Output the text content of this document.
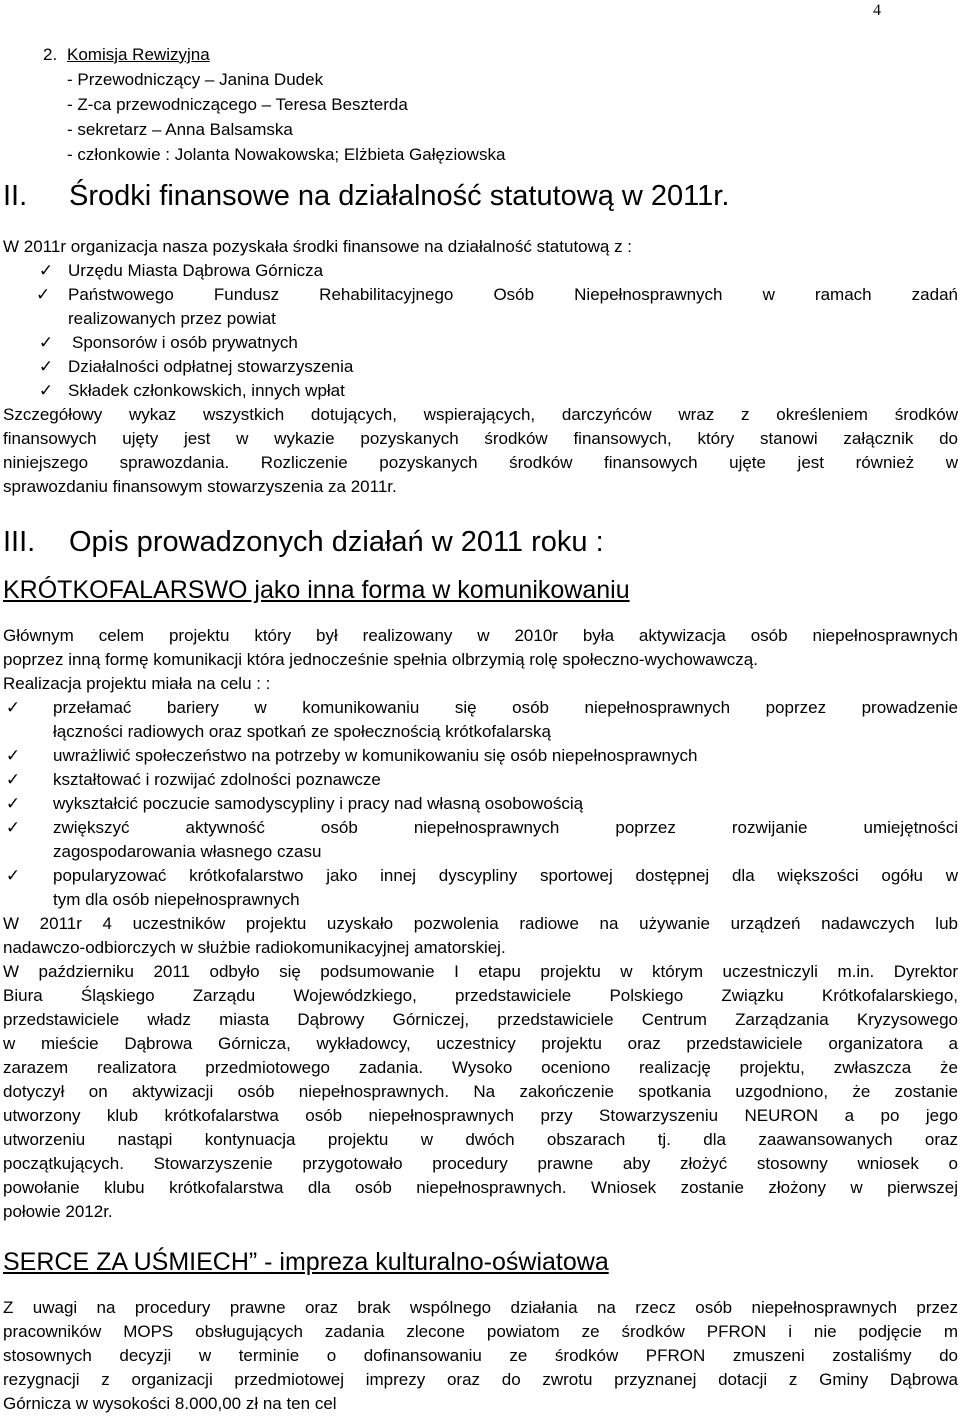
4
2. Komisja Rewizyjna
- Przewodniczący – Janina Dudek
- Z-ca przewodniczącego – Teresa Beszterda
- sekretarz – Anna Balsamska
- członkowie : Jolanta Nowakowska; Elżbieta Gałęziowska
II. Środki finansowe na działalność statutową w 2011r.
W 2011r organizacja nasza pozyskała środki finansowe na działalność statutową z :
✓ Urzędu Miasta Dąbrowa Górnicza
✓	Państwowego Fundusz Rehabilitacyjnego Osób Niepełnosprawnych w ramach zadań
realizowanych przez powiat
✓ Sponsorów i osób prywatnych
✓ Działalności odpłatnej stowarzyszenia
✓ Składek członkowskich, innych wpłat
Szczegółowy wykaz wszystkich dotujących, wspierających, darczyńców wraz z określeniem środków
finansowych ujęty jest w wykazie pozyskanych środków finansowych, który stanowi załącznik do
niniejszego sprawozdania. Rozliczenie pozyskanych środków finansowych ujęte jest również w
sprawozdaniu finansowym stowarzyszenia za 2011r.
III. Opis prowadzonych działań w 2011 roku :
KRÓTKOFALARSWO jako inna forma w komunikowaniu
Głównym celem projektu który był realizowany w 2010r była aktywizacja osób niepełnosprawnych
poprzez inną formę komunikacji która jednocześnie spełnia olbrzymią rolę społeczno-wychowawczą.
Realizacja projektu miała na celu : :
✓ przełamać bariery w komunikowaniu się osób niepełnosprawnych poprzez prowadzenie
łączności radiowych oraz spotkań ze społecznością krótkofalarską
✓ uwrażliwić społeczeństwo na potrzeby w komunikowaniu się osób niepełnosprawnych
✓ kształtować i rozwijać zdolności poznawcze
✓ wykształcić poczucie samodyscypliny i pracy nad własną osobowością
✓ zwiększyć aktywność osób niepełnosprawnych poprzez rozwijanie umiejętności
zagospodarowania własnego czasu
✓ popularyzować krótkofalarstwo jako innej dyscypliny sportowej dostępnej dla większości ogółu w
tym dla osób niepełnosprawnych
W 2011r 4 uczestników projektu uzyskało pozwolenia radiowe na używanie urządzeń nadawczych lub
nadawczo-odbiorczych w służbie radiokomunikacyjnej amatorskiej.
W październiku 2011 odbyło się podsumowanie I etapu projektu w którym uczestniczyli m.in. Dyrektor
Biura Śląskiego Zarządu Wojewódzkiego, przedstawiciele Polskiego Związku Krótkofalarskiego,
przedstawiciele władz miasta Dąbrowy Górniczej, przedstawiciele Centrum Zarządzania Kryzysowego
w mieście Dąbrowa Górnicza, wykładowcy, uczestnicy projektu oraz przedstawiciele organizatora a
zarazem realizatora przedmiotowego zadania. Wysoko oceniono realizację projektu, zwłaszcza że
dotyczył on aktywizacji osób niepełnosprawnych. Na zakończenie spotkania uzgodniono, że zostanie
utworzony klub krótkofalarstwa osób niepełnosprawnych przy Stowarzyszeniu NEURON a po jego
utworzeniu nastąpi kontynuacja projektu w dwóch obszarach tj. dla zaawansowanych oraz
początkujących. Stowarzyszenie przygotowało procedury prawne aby złożyć stosowny wniosek o
powołanie klubu krótkofalarstwa dla osób niepełnosprawnych. Wniosek zostanie złożony w pierwszej
połowie 2012r.
SERCE ZA UŚMIECH” - impreza kulturalno-oświatowa
Z uwagi na procedury prawne oraz brak wspólnego działania na rzecz osób niepełnosprawnych przez
pracowników MOPS obsługujących zadania zlecone powiatom ze środków PFRON i nie podjęcie m
stosownych decyzji w terminie o dofinansowaniu ze środków PFRON zmuszeni zostaliśmy do
rezygnacji z organizacji przedmiotowej imprezy oraz do zwrotu przyznanej dotacji z Gminy Dąbrowa
Górnicza w wysokości 8.000,00 zł na ten cel
